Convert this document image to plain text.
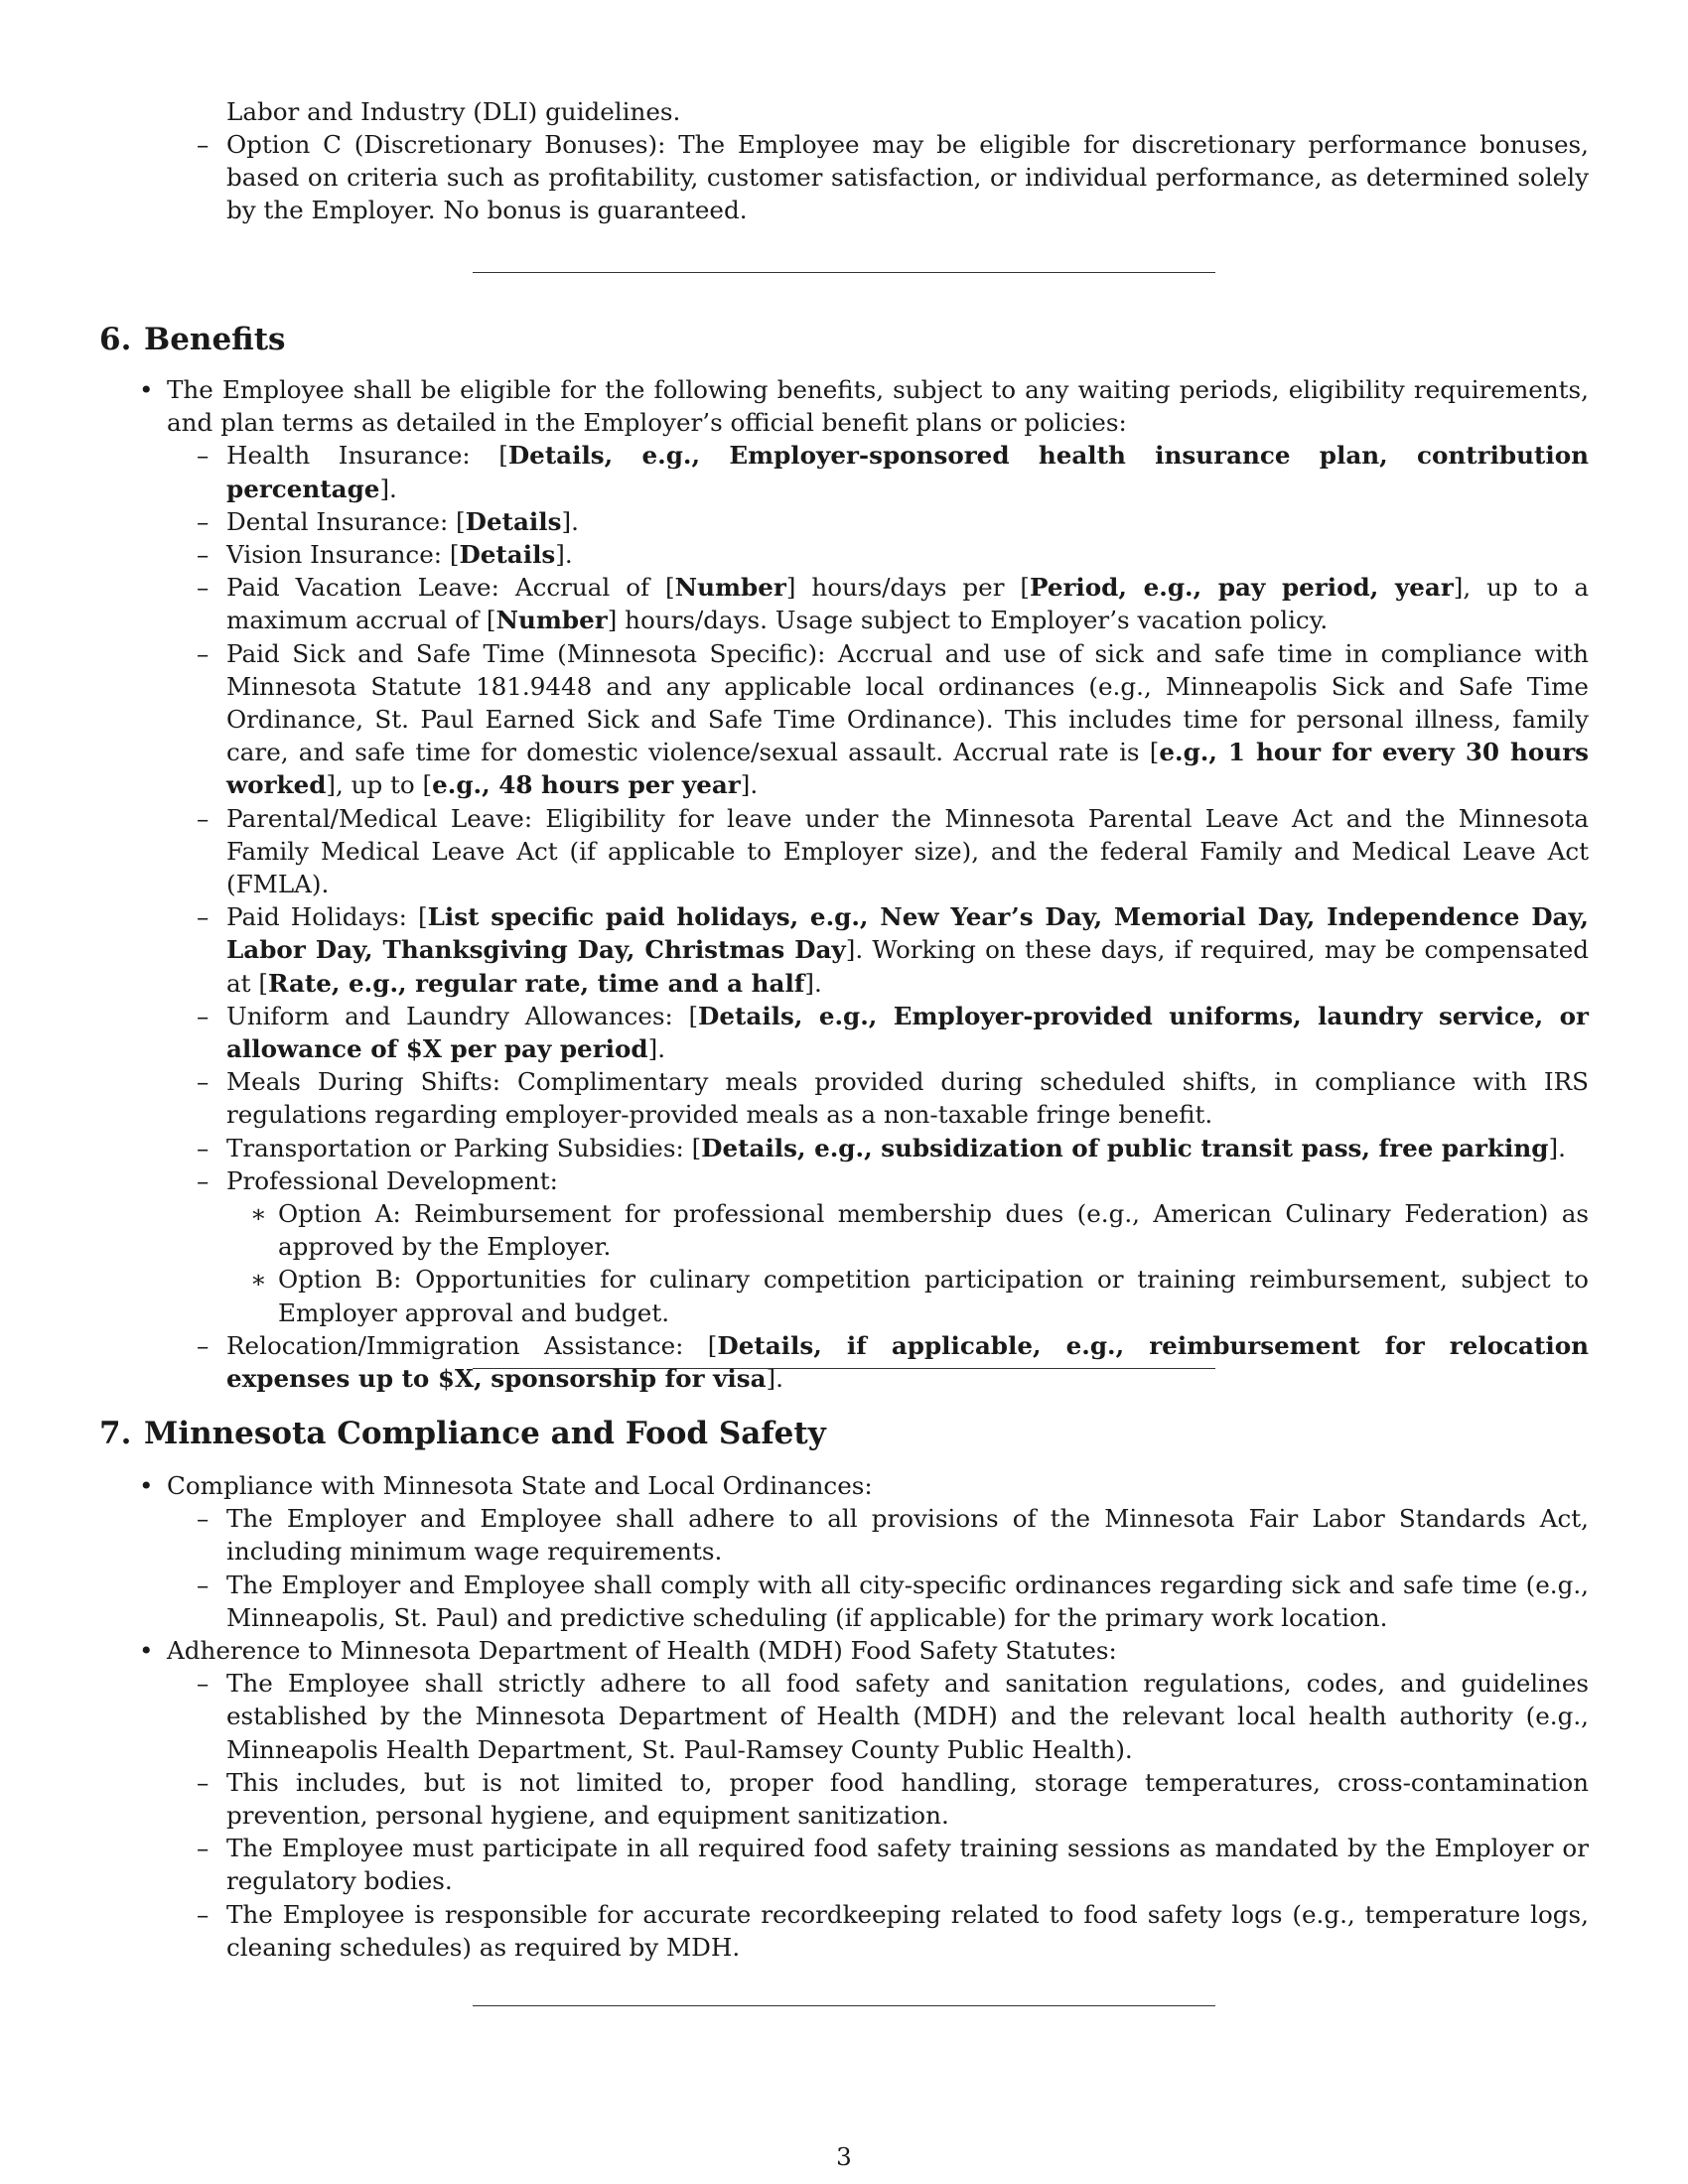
Labor and Industry (DLI) guidelines.
– Option C (Discretionary Bonuses): The Employee may be eligible for discretionary performance bonuses, based on criteria such as profitability, customer satisfaction, or individual performance, as determined solely by the Employer. No bonus is guaranteed.
6. Benefits
• The Employee shall be eligible for the following benefits, subject to any waiting periods, eligibility requirements, and plan terms as detailed in the Employer’s official benefit plans or policies:
– Health Insurance: [Details, e.g., Employer-sponsored health insurance plan, contribution percentage].
– Dental Insurance: [Details].
– Vision Insurance: [Details].
– Paid Vacation Leave: Accrual of [Number] hours/days per [Period, e.g., pay period, year], up to a maximum accrual of [Number] hours/days. Usage subject to Employer’s vacation policy.
– Paid Sick and Safe Time (Minnesota Specific): Accrual and use of sick and safe time in compliance with Minnesota Statute 181.9448 and any applicable local ordinances (e.g., Minneapolis Sick and Safe Time Ordinance, St. Paul Earned Sick and Safe Time Ordinance). This includes time for personal illness, family care, and safe time for domestic violence/sexual assault. Accrual rate is [e.g., 1 hour for every 30 hours worked], up to [e.g., 48 hours per year].
– Parental/Medical Leave: Eligibility for leave under the Minnesota Parental Leave Act and the Minnesota Family Medical Leave Act (if applicable to Employer size), and the federal Family and Medical Leave Act (FMLA).
– Paid Holidays: [List specific paid holidays, e.g., New Year’s Day, Memorial Day, Independence Day, Labor Day, Thanksgiving Day, Christmas Day]. Working on these days, if required, may be compensated at [Rate, e.g., regular rate, time and a half].
– Uniform and Laundry Allowances: [Details, e.g., Employer-provided uniforms, laundry service, or allowance of $X per pay period].
– Meals During Shifts: Complimentary meals provided during scheduled shifts, in compliance with IRS regulations regarding employer-provided meals as a non-taxable fringe benefit.
– Transportation or Parking Subsidies: [Details, e.g., subsidization of public transit pass, free parking].
– Professional Development:
∗ Option A: Reimbursement for professional membership dues (e.g., American Culinary Federation) as approved by the Employer.
∗ Option B: Opportunities for culinary competition participation or training reimbursement, subject to Employer approval and budget.
– Relocation/Immigration Assistance: [Details, if applicable, e.g., reimbursement for relocation expenses up to $X, sponsorship for visa].
7. Minnesota Compliance and Food Safety
• Compliance with Minnesota State and Local Ordinances:
– The Employer and Employee shall adhere to all provisions of the Minnesota Fair Labor Standards Act, including minimum wage requirements.
– The Employer and Employee shall comply with all city-specific ordinances regarding sick and safe time (e.g., Minneapolis, St. Paul) and predictive scheduling (if applicable) for the primary work location.
• Adherence to Minnesota Department of Health (MDH) Food Safety Statutes:
– The Employee shall strictly adhere to all food safety and sanitation regulations, codes, and guidelines established by the Minnesota Department of Health (MDH) and the relevant local health authority (e.g., Minneapolis Health Department, St. Paul-Ramsey County Public Health).
– This includes, but is not limited to, proper food handling, storage temperatures, cross-contamination prevention, personal hygiene, and equipment sanitization.
– The Employee must participate in all required food safety training sessions as mandated by the Employer or regulatory bodies.
– The Employee is responsible for accurate recordkeeping related to food safety logs (e.g., temperature logs, cleaning schedules) as required by MDH.
3
